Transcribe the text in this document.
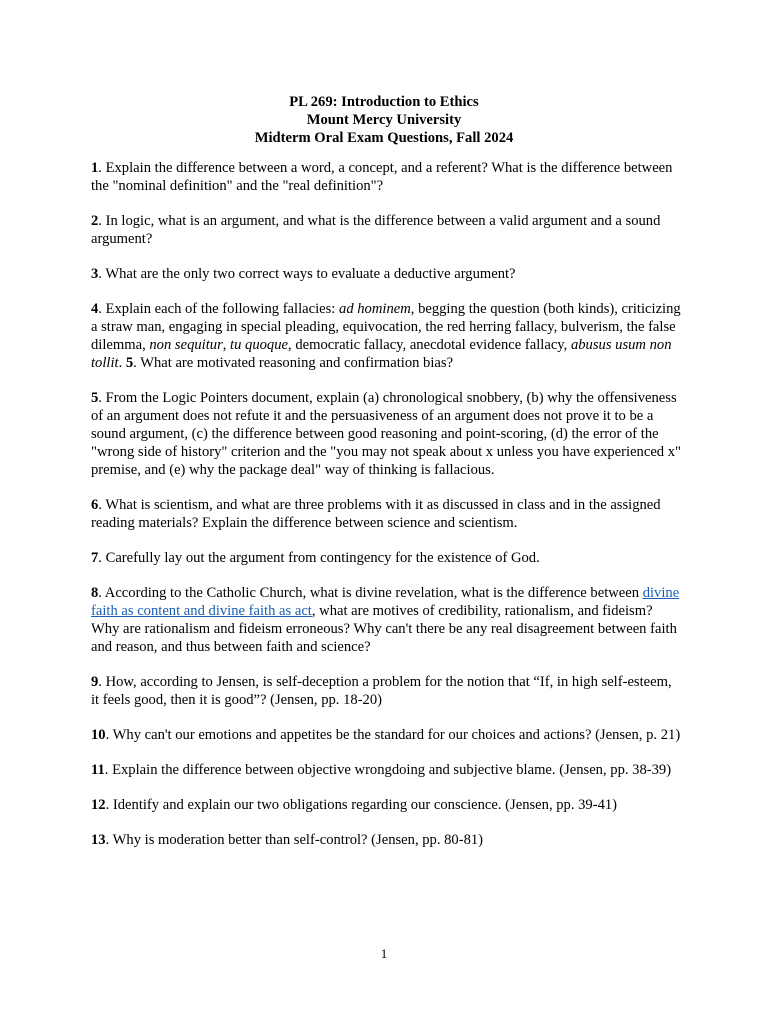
PL 269: Introduction to Ethics
Mount Mercy University
Midterm Oral Exam Questions, Fall 2024

1. Explain the difference between a word, a concept, and a referent? What is the difference between the "nominal definition" and the "real definition"?

2. In logic, what is an argument, and what is the difference between a valid argument and a sound argument?

3. What are the only two correct ways to evaluate a deductive argument?

4. Explain each of the following fallacies: ad hominem, begging the question (both kinds), criticizing a straw man, engaging in special pleading, equivocation, the red herring fallacy, bulverism, the false dilemma, non sequitur, tu quoque, democratic fallacy, anecdotal evidence fallacy, abusus usum non tollit. 5. What are motivated reasoning and confirmation bias?

5. From the Logic Pointers document, explain (a) chronological snobbery, (b) why the offensiveness of an argument does not refute it and the persuasiveness of an argument does not prove it to be a sound argument, (c) the difference between good reasoning and point-scoring, (d) the error of the "wrong side of history" criterion and the "you may not speak about x unless you have experienced x" premise, and (e) why the package deal" way of thinking is fallacious.

6. What is scientism, and what are three problems with it as discussed in class and in the assigned reading materials? Explain the difference between science and scientism.

7. Carefully lay out the argument from contingency for the existence of God.

8. According to the Catholic Church, what is divine revelation, what is the difference between divine faith as content and divine faith as act, what are motives of credibility, rationalism, and fideism? Why are rationalism and fideism erroneous? Why can't there be any real disagreement between faith and reason, and thus between faith and science?

9. How, according to Jensen, is self-deception a problem for the notion that “If, in high self-esteem, it feels good, then it is good”? (Jensen, pp. 18-20)

10. Why can't our emotions and appetites be the standard for our choices and actions? (Jensen, p. 21)

11. Explain the difference between objective wrongdoing and subjective blame. (Jensen, pp. 38-39)

12. Identify and explain our two obligations regarding our conscience. (Jensen, pp. 39-41)

13. Why is moderation better than self-control? (Jensen, pp. 80-81)

1
